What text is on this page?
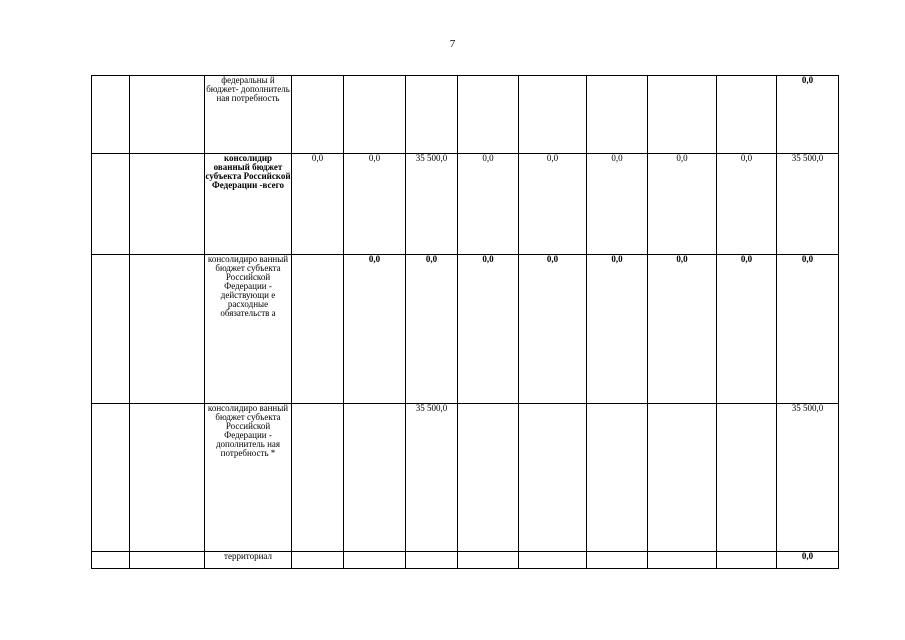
7
		федеральны й бюджет- дополнитель ная потребность									0,0
		консолидир ованный бюджет субъекта Российской Федерации -всего	0,0	0,0	35 500,0	0,0	0,0	0,0	0,0	0,0	35 500,0
		консолидиро ванный бюджет субъекта Российской Федерации - действующи е расходные обязательств а		0,0	0,0	0,0	0,0	0,0	0,0	0,0	0,0
		консолидиро ванный бюджет субъекта Российской Федерации - дополнитель ная потребность *			35 500,0						35 500,0
		территориал									0,0
